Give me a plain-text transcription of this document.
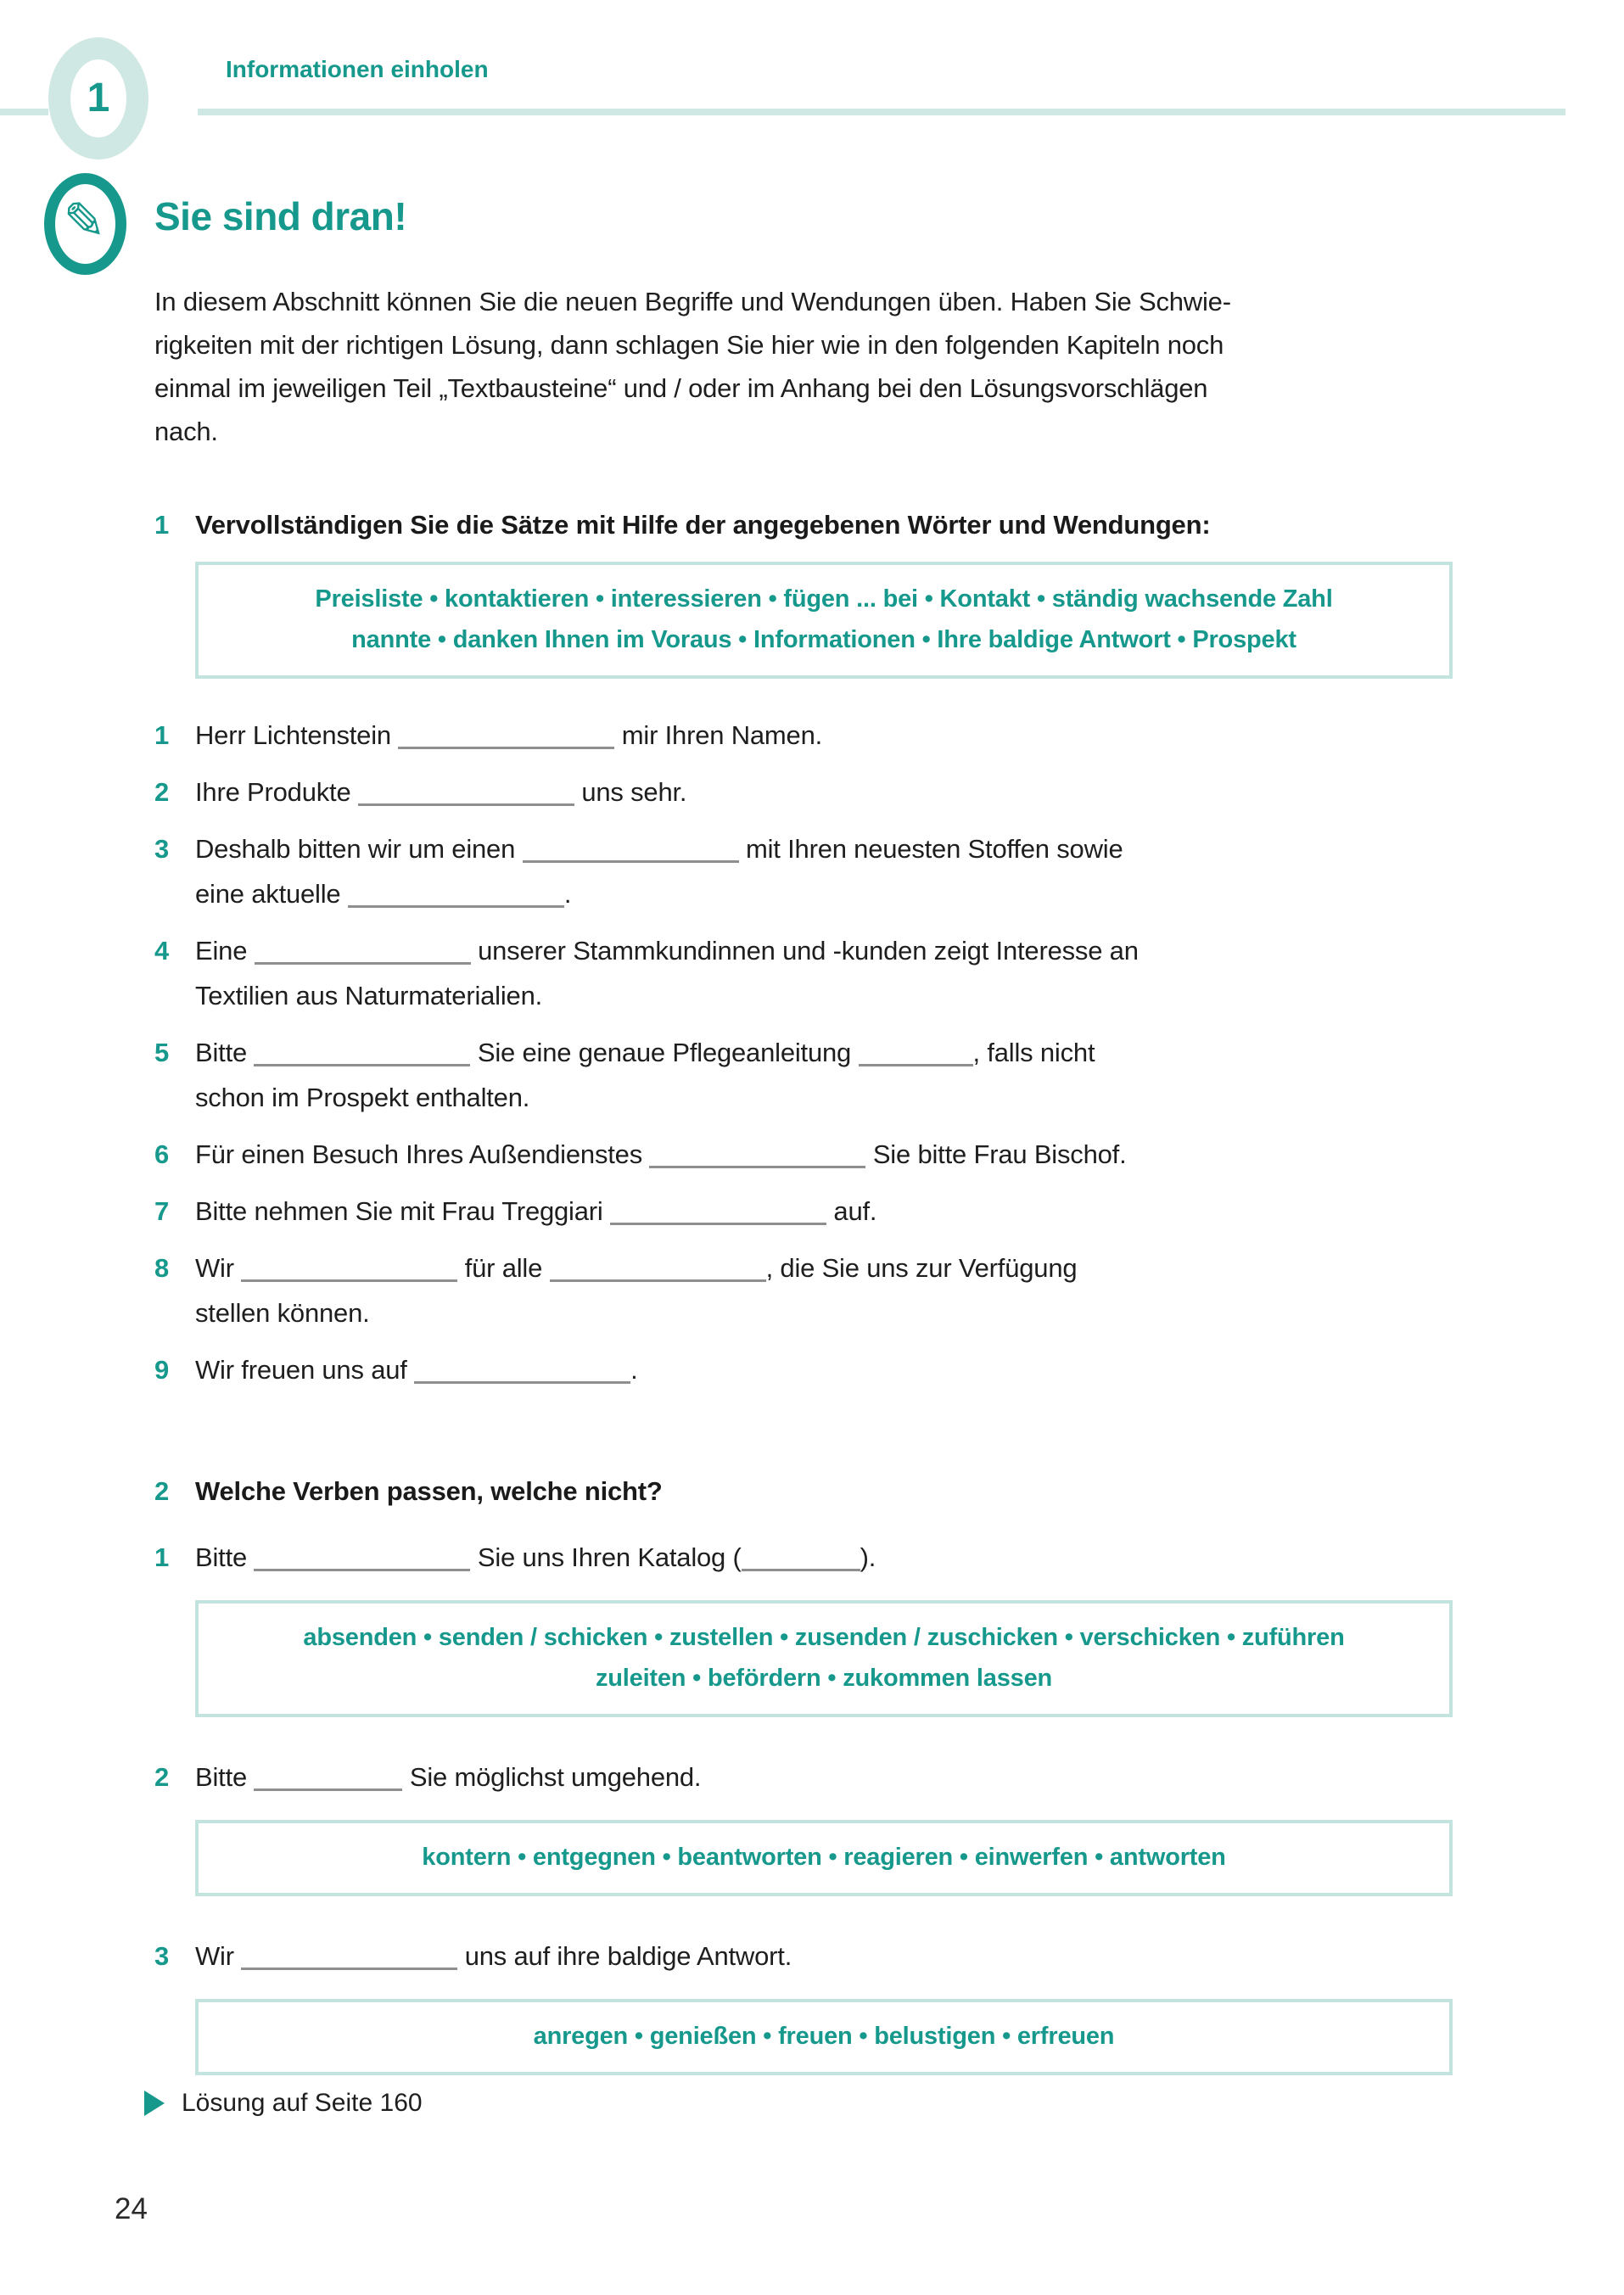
1
Informationen einholen
✎ Sie sind dran!

In diesem Abschnitt können Sie die neuen Begriffe und Wendungen üben. Haben Sie Schwie-
rigkeiten mit der richtigen Lösung, dann schlagen Sie hier wie in den folgenden Kapiteln noch
einmal im jeweiligen Teil „Textbausteine“ und / oder im Anhang bei den Lösungsvorschlägen
nach.

1 Vervollständigen Sie die Sätze mit Hilfe der angegebenen Wörter und Wendungen:
Preisliste • kontaktieren • interessieren • fügen ... bei • Kontakt • ständig wachsende Zahl
nannte • danken Ihnen im Voraus • Informationen • Ihre baldige Antwort • Prospekt
1 Herr Lichtenstein	mir Ihren Namen.
2 Ihre Produkte	uns sehr.
3 Deshalb bitten wir um einen	mit Ihren neuesten Stoffen sowie
eine aktuelle	.
4 Eine	unserer Stammkundinnen und -kunden zeigt Interesse an
Textilien aus Naturmaterialien.
5 Bitte	Sie eine genaue Pflegeanleitung	, falls nicht
schon im Prospekt enthalten.
6 Für einen Besuch Ihres Außendienstes	Sie bitte Frau Bischof.
7 Bitte nehmen Sie mit Frau Treggiari	auf.
8 Wir	für alle	, die Sie uns zur Verfügung
stellen können.
9 Wir freuen uns auf	.
2 Welche Verben passen, welche nicht?
1 Bitte	Sie uns Ihren Katalog (	).
absenden • senden / schicken • zustellen • zusenden / zuschicken • verschicken • zuführen
zuleiten • befördern • zukommen lassen
2 Bitte	Sie möglichst umgehend.
kontern • entgegnen • beantworten • reagieren • einwerfen • antworten
3 Wir	uns auf ihre baldige Antwort.
anregen • genießen • freuen • belustigen • erfreuen
Lösung auf Seite 160
24
